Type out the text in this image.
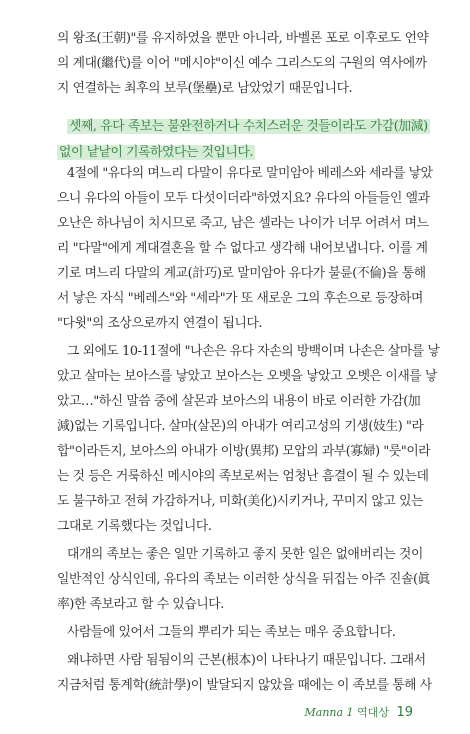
의 왕조(王朝)"를 유지하였을 뿐만 아니라, 바벨론 포로 이후로도 언약
의 계대(繼代)를 이어 "메시야"이신 예수 그리스도의 구원의 역사에까
지 연결하는 최후의 보루(堡壘)로 남았었기 때문입니다.
셋째, 유다 족보는 불완전하거나 수치스러운 것들이라도 가감(加減)
없이 낱낱이 기록하였다는 것입니다.
4절에 "유다의 며느리 다말이 유다로 말미암아 베레스와 세라를 낳았
으니 유다의 아들이 모두 다섯이더라"하였지요? 유다의 아들들인 엘과
오난은 하나님이 치시므로 죽고, 남은 셀라는 나이가 너무 어려서 며느
리 "다말"에게 계대결혼을 할 수 없다고 생각해 내어보냅니다. 이를 계
기로 며느리 다말의 계교(計巧)로 말미암아 유다가 불륜(不倫)을 통해
서 낳은 자식 "베레스"와 "세라"가 또 새로운 그의 후손으로 등장하며
"다윗"의 조상으로까지 연결이 됩니다.
그 외에도 10-11절에 "나손은 유다 자손의 방백이며 나손은 살마를 낳
았고 살마는 보아스를 낳았고 보아스는 오벳을 낳았고 오벳은 이새를 낳
았고…"하신 말씀 중에 살몬과 보아스의 내용이 바로 이러한 가감(加
減)없는 기록입니다. 살마(살몬)의 아내가 여리고성의 기생(妓生) "라
합"이라든지, 보아스의 아내가 이방(異邦) 모압의 과부(寡婦) "룻"이라
는 것 등은 거룩하신 메시야의 족보로써는 엄청난 흠결이 될 수 있는데
도 불구하고 전혀 가감하거나, 미화(美化)시키거나, 꾸미지 않고 있는
그대로 기록했다는 것입니다.
대개의 족보는 좋은 일만 기록하고 좋지 못한 일은 없애버리는 것이
일반적인 상식인데, 유다의 족보는 이러한 상식을 뒤집는 아주 진솔(眞
率)한 족보라고 할 수 있습니다.
사람들에 있어서 그들의 뿌리가 되는 족보는 매우 중요합니다.
왜냐하면 사람 됨됨이의 근본(根本)이 나타나기 때문입니다. 그래서
지금처럼 통계학(統計學)이 발달되지 않았을 때에는 이 족보를 통해 사
Manna 1 역대상 19
